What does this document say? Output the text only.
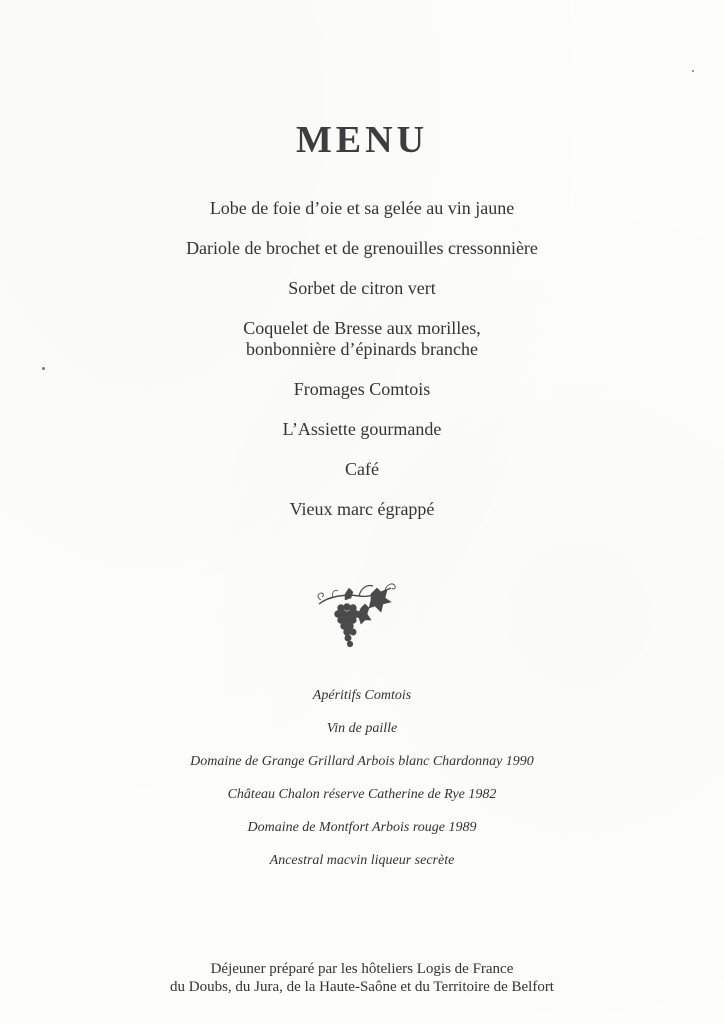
MENU
Lobe de foie d’oie et sa gelée au vin jaune
Dariole de brochet et de grenouilles cressonnière
Sorbet de citron vert
Coquelet de Bresse aux morilles,
bonbonnière d’épinards branche
Fromages Comtois
L’Assiette gourmande
Café
Vieux marc égrappé
Apéritifs Comtois
Vin de paille
Domaine de Grange Grillard Arbois blanc Chardonnay 1990
Château Chalon réserve Catherine de Rye 1982
Domaine de Montfort Arbois rouge 1989
Ancestral macvin liqueur secrète
Déjeuner préparé par les hôteliers Logis de France
du Doubs, du Jura, de la Haute-Saône et du Territoire de Belfort
